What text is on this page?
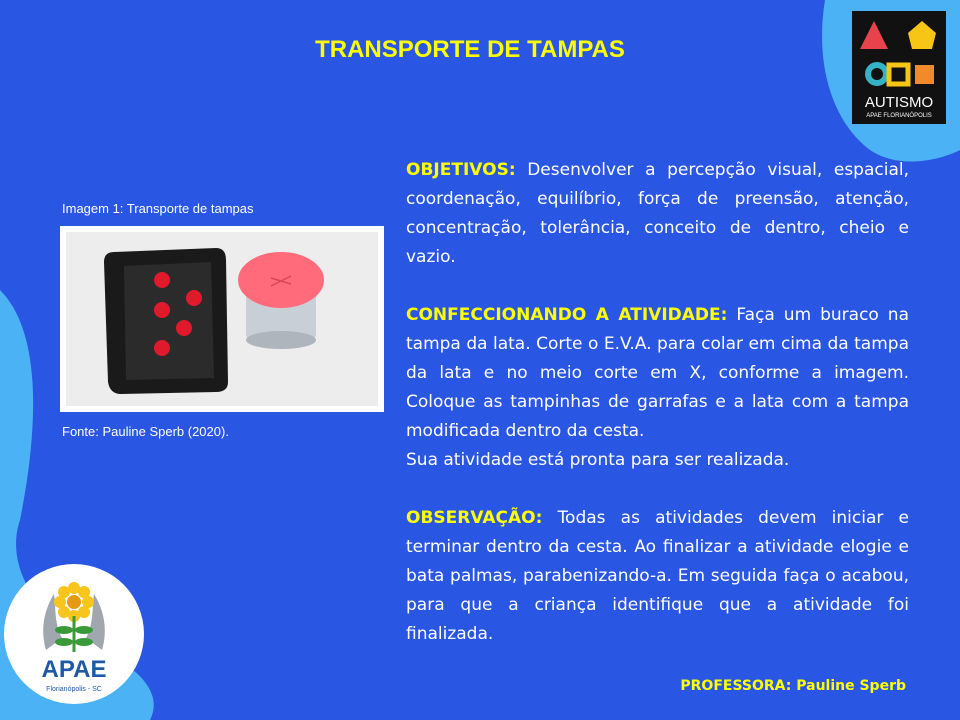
TRANSPORTE DE TAMPAS
Imagem 1: Transporte de tampas
Fonte: Pauline Sperb (2020).

OBJETIVOS: Desenvolver a percepção visual, espacial, coordenação, equilíbrio, força de preensão, atenção, concentração, tolerância, conceito de dentro, cheio e vazio.

CONFECCIONANDO A ATIVIDADE: Faça um buraco na tampa da lata. Corte o E.V.A. para colar em cima da tampa da lata e no meio corte em X, conforme a imagem. Coloque as tampinhas de garrafas e a lata com a tampa modificada dentro da cesta.
Sua atividade está pronta para ser realizada.

OBSERVAÇÃO: Todas as atividades devem iniciar e terminar dentro da cesta. Ao finalizar a atividade elogie e bata palmas, parabenizando-a. Em seguida faça o acabou, para que a criança identifique que a atividade foi finalizada.

PROFESSORA: Pauline Sperb
AUTISMO
APAE FLORIANÓPOLIS
APAE
Florianópolis - SC
